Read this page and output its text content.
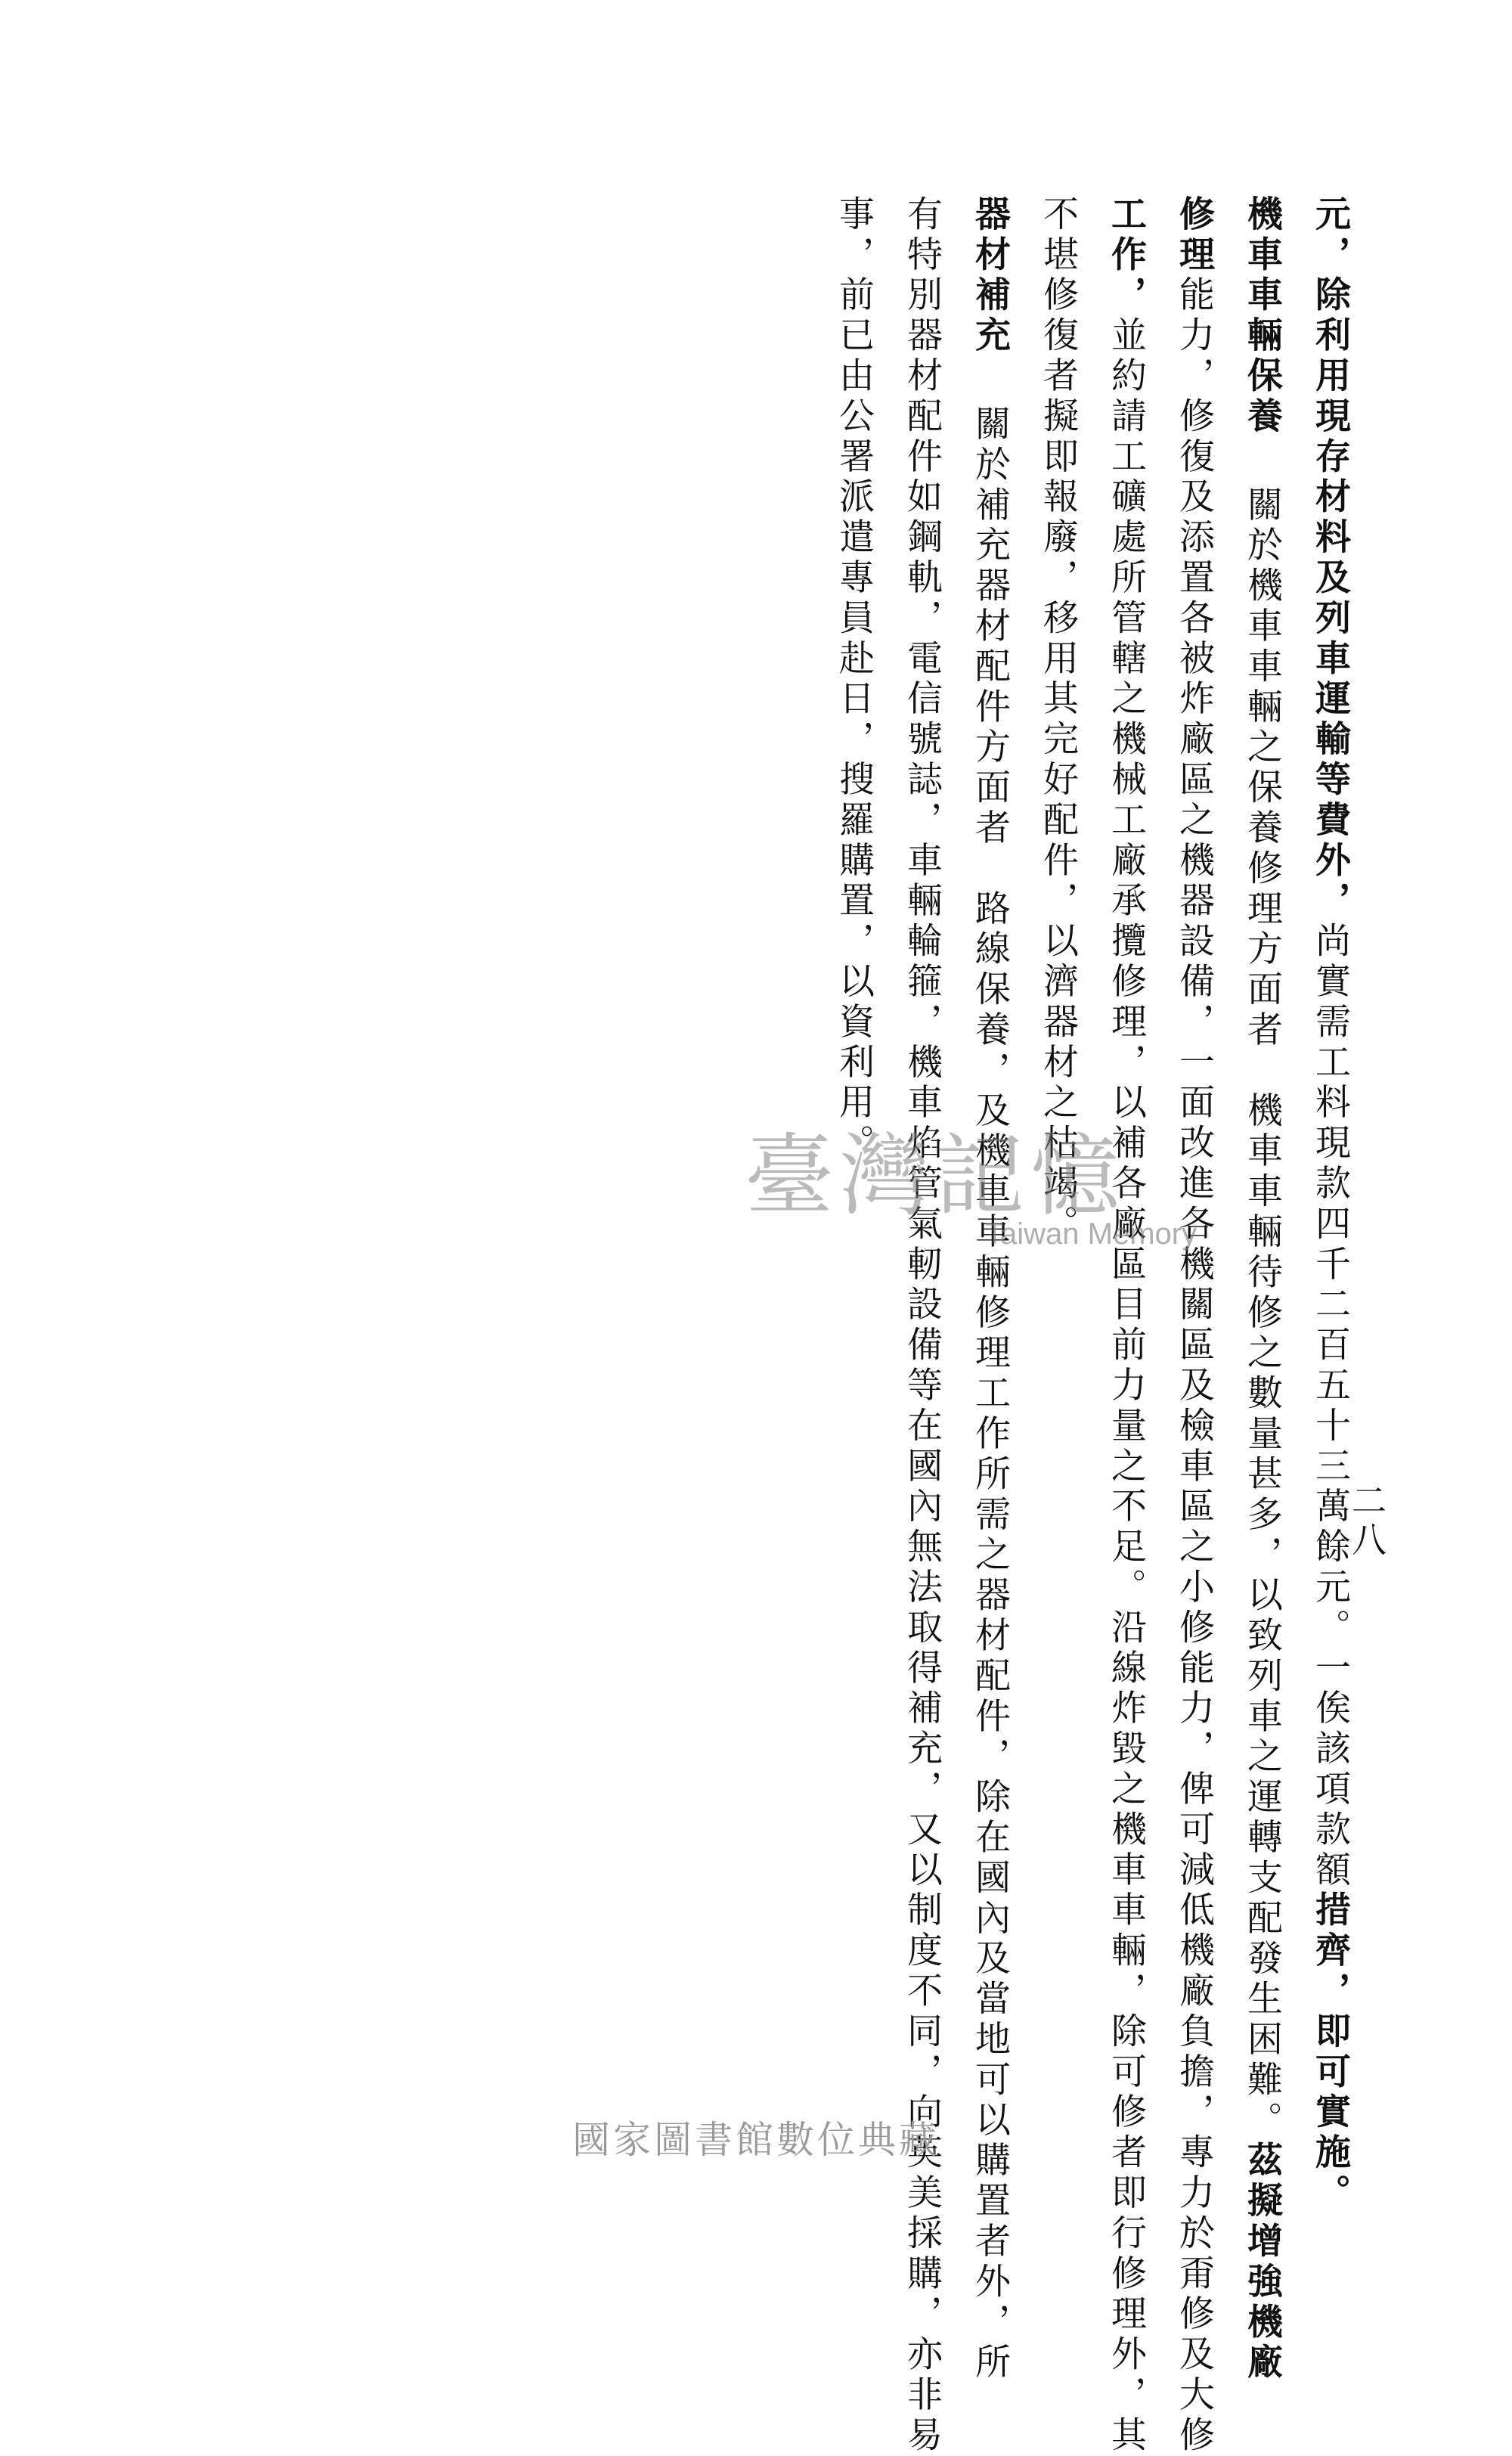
二八
元，除利用現存材料及列車運輸等費外，尚實需工料現款四千二百五十三萬餘元。一俟該項款額措齊，即可實施。
機車車輛保養關於機車車輛之保養修理方面者　機車車輛待修之數量甚多，以致列車之運轉支配發生困難。茲擬增強機廠
修理能力，修復及添置各被炸廠區之機器設備，一面改進各機關區及檢車區之小修能力，俾可減低機廠負擔，專力於甭修及大修
工作，並約請工礦處所管轄之機械工廠承攬修理，以補各廠區目前力量之不足。沿線炸毀之機車車輛，除可修者即行修理外，其
不堪修復者擬即報廢，移用其完好配件，以濟器材之枯竭。
器材補充關於補充器材配件方面者　路線保養，及機車車輛修理工作所需之器材配件，除在國內及當地可以購置者外，所
有特別器材配件如鋼軌，電信號誌，車輛輪箍，機車焰管氣軔設備等在國內無法取得補充，又以制度不同，向英美採購，亦非易
事，前已由公署派遣專員赴日，搜羅購置，以資利用。
臺灣記憶
Taiwan Memory
國家圖書館數位典藏
